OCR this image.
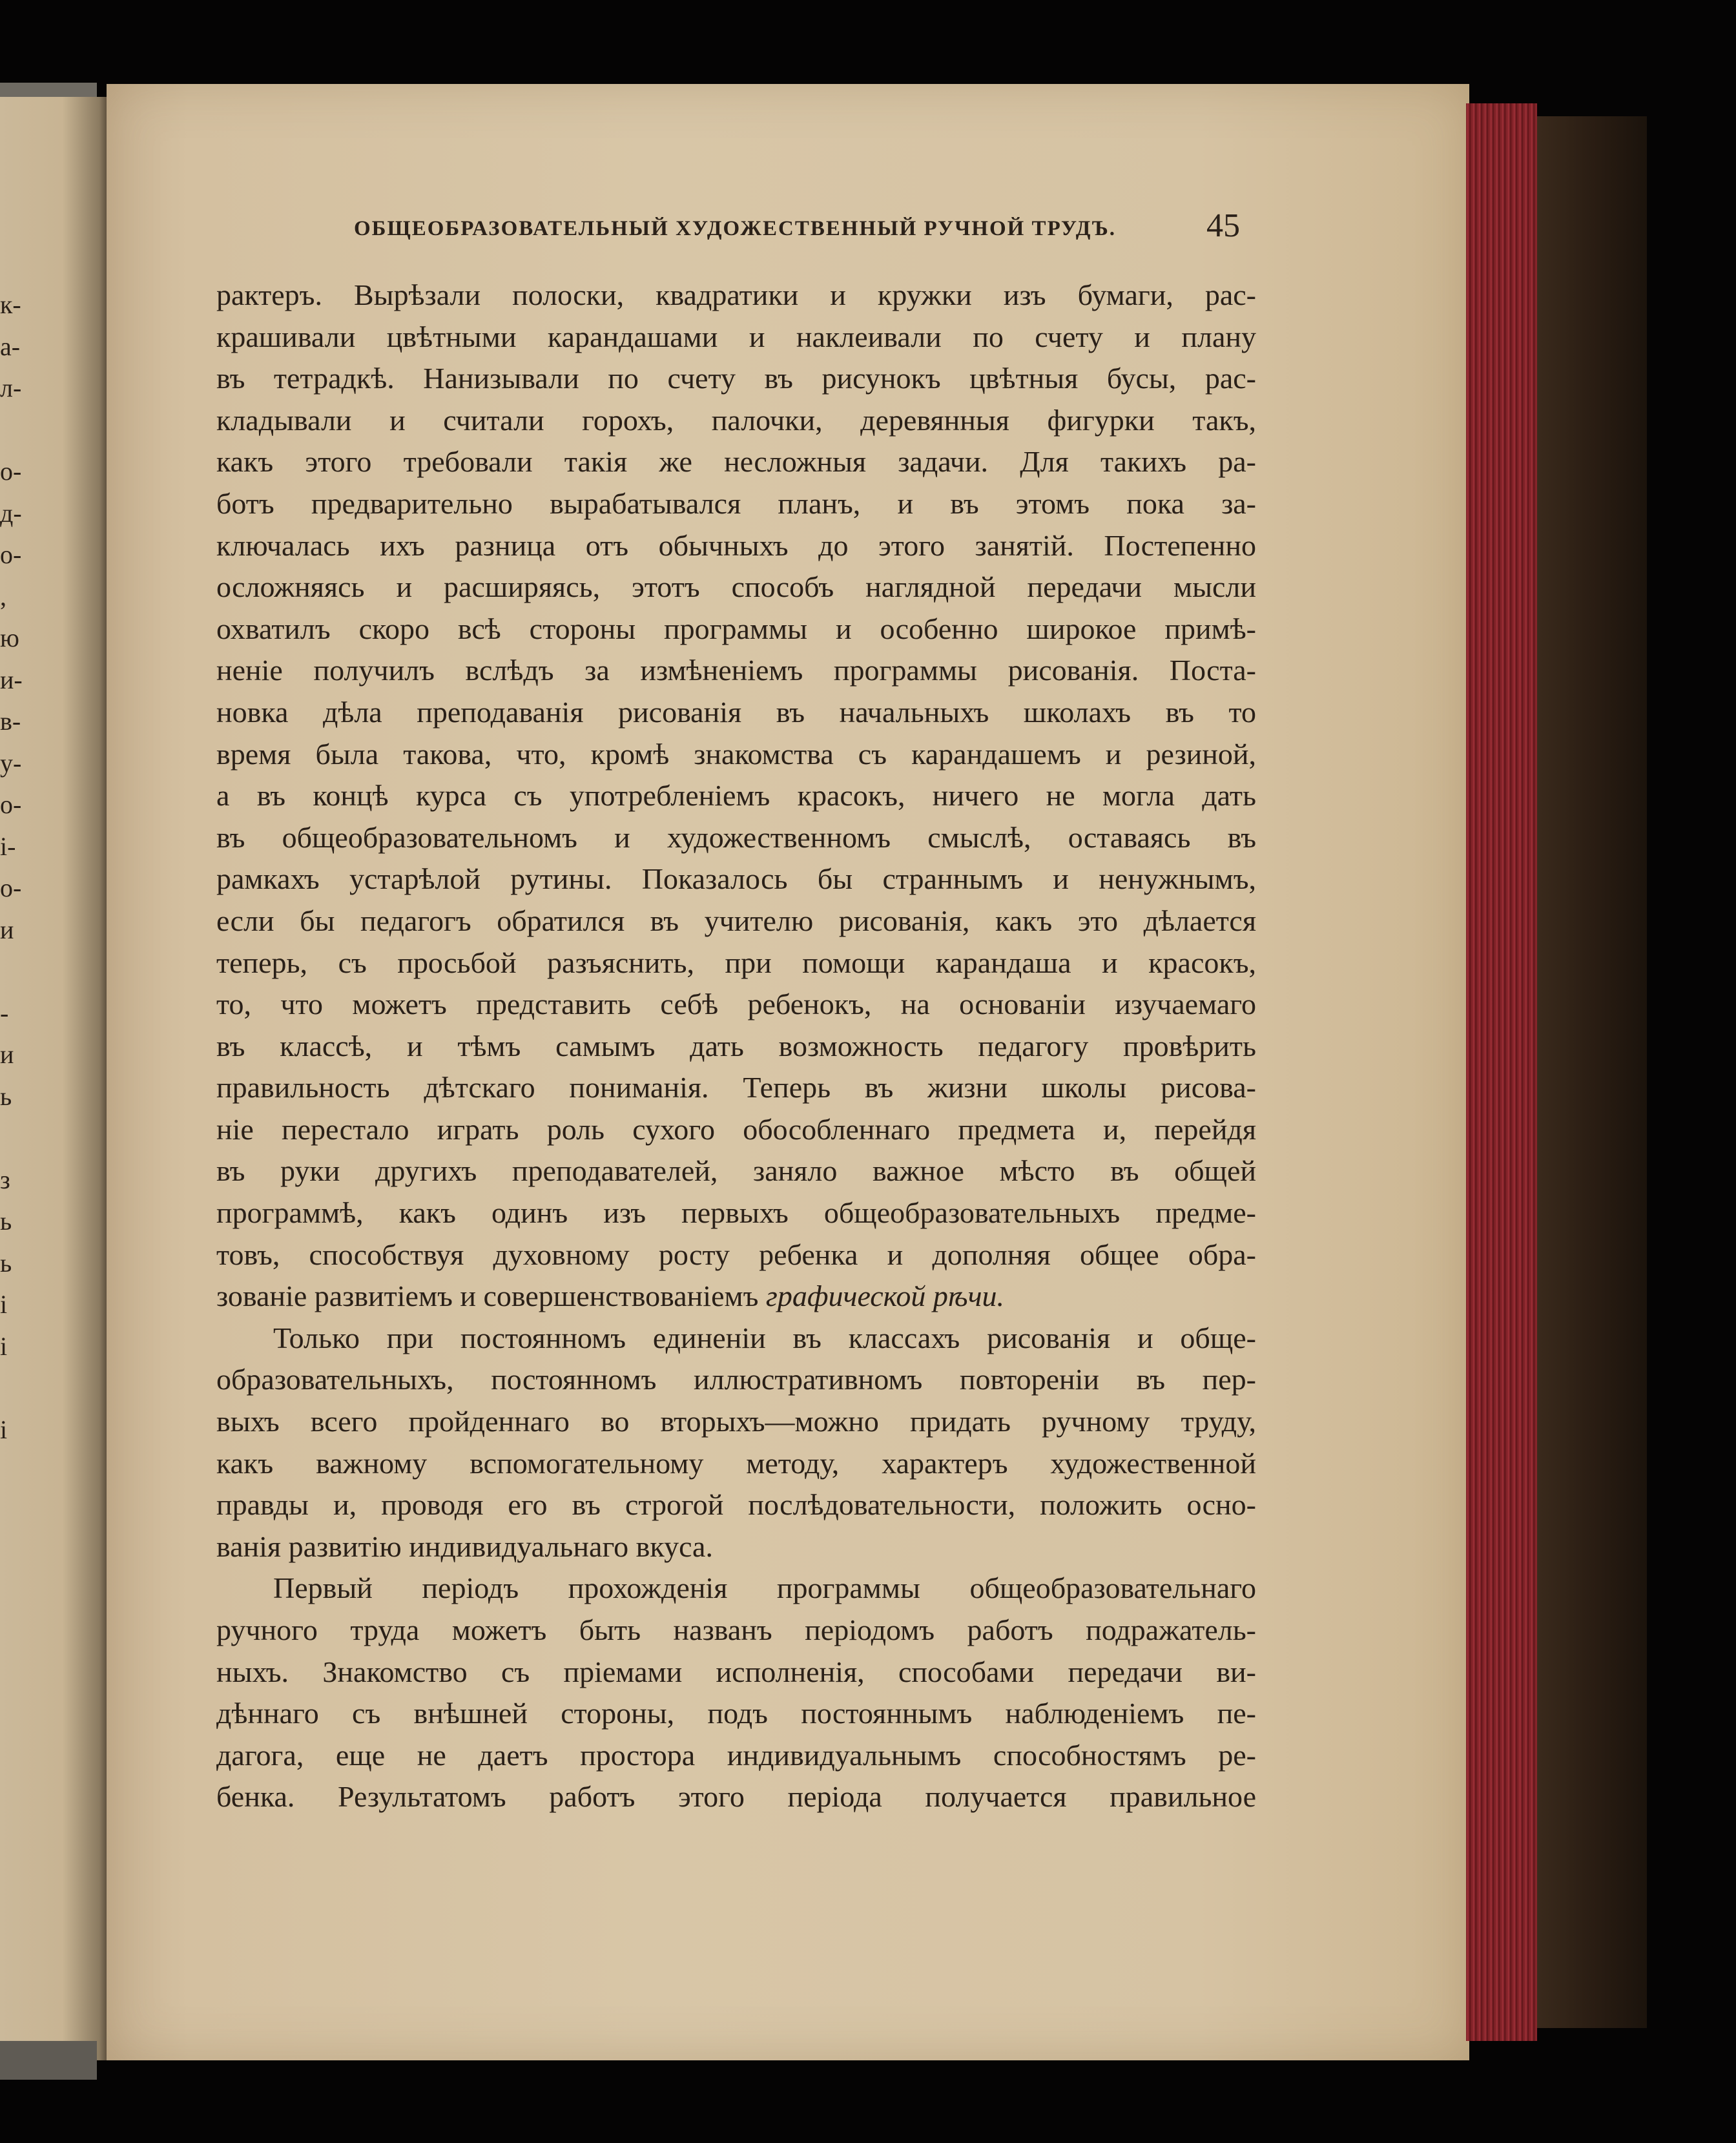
к-
а-
л-
о-
д-
о-
,
ю
и-
в-
у-
о-
і-
о-
и
-
и
ь
з
ь
ь
і
і
і
ОБЩЕОБРАЗОВАТЕЛЬНЫЙ ХУДОЖЕСТВЕННЫЙ РУЧНОЙ ТРУДЪ.	45
рактеръ. Вырѣзали полоски, квадратики и кружки изъ бумаги, рас-
крашивали цвѣтными карандашами и наклеивали по счету и плану
въ тетрадкѣ. Нанизывали по счету въ рисунокъ цвѣтныя бусы, рас-
кладывали и считали горохъ, палочки, деревянныя фигурки такъ,
какъ этого требовали такія же несложныя задачи. Для такихъ ра-
ботъ предварительно вырабатывался планъ, и въ этомъ пока за-
ключалась ихъ разница отъ обычныхъ до этого занятій. Постепенно
осложняясь и расширяясь, этотъ способъ наглядной передачи мысли
охватилъ скоро всѣ стороны программы и особенно широкое примѣ-
неніе получилъ вслѣдъ за измѣненіемъ программы рисованія. Поста-
новка дѣла преподаванія рисованія въ начальныхъ школахъ въ то
время была такова, что, кромѣ знакомства съ карандашемъ и резиной,
а въ концѣ курса съ употребленіемъ красокъ, ничего не могла дать
въ общеобразовательномъ и художественномъ смыслѣ, оставаясь въ
рамкахъ устарѣлой рутины. Показалось бы страннымъ и ненужнымъ,
если бы педагогъ обратился въ учителю рисованія, какъ это дѣлается
теперь, съ просьбой разъяснить, при помощи карандаша и красокъ,
то, что можетъ представить себѣ ребенокъ, на основаніи изучаемаго
въ классѣ, и тѣмъ самымъ дать возможность педагогу провѣрить
правильность дѣтскаго пониманія. Теперь въ жизни школы рисова-
ніе перестало играть роль сухого обособленнаго предмета и, перейдя
въ руки другихъ преподавателей, заняло важное мѣсто въ общей
программѣ, какъ одинъ изъ первыхъ общеобразовательныхъ предме-
товъ, способствуя духовному росту ребенка и дополняя общее обра-
зованіе развитіемъ и совершенствованіемъ графической рѣчи.
Только при постоянномъ единеніи въ классахъ рисованія и обще-
образовательныхъ, постоянномъ иллюстративномъ повтореніи въ пер-
выхъ всего пройденнаго во вторыхъ—можно придать ручному труду,
какъ важному вспомогательному методу, характеръ художественной
правды и, проводя его въ строгой послѣдовательности, положить осно-
ванія развитію индивидуальнаго вкуса.
Первый періодъ прохожденія программы общеобразовательнаго
ручного труда можетъ быть названъ періодомъ работъ подражатель-
ныхъ. Знакомство съ пріемами исполненія, способами передачи ви-
дѣннаго съ внѣшней стороны, подъ постояннымъ наблюденіемъ пе-
дагога, еще не даетъ простора индивидуальнымъ способностямъ ре-
бенка. Результатомъ работъ этого періода получается правильное
